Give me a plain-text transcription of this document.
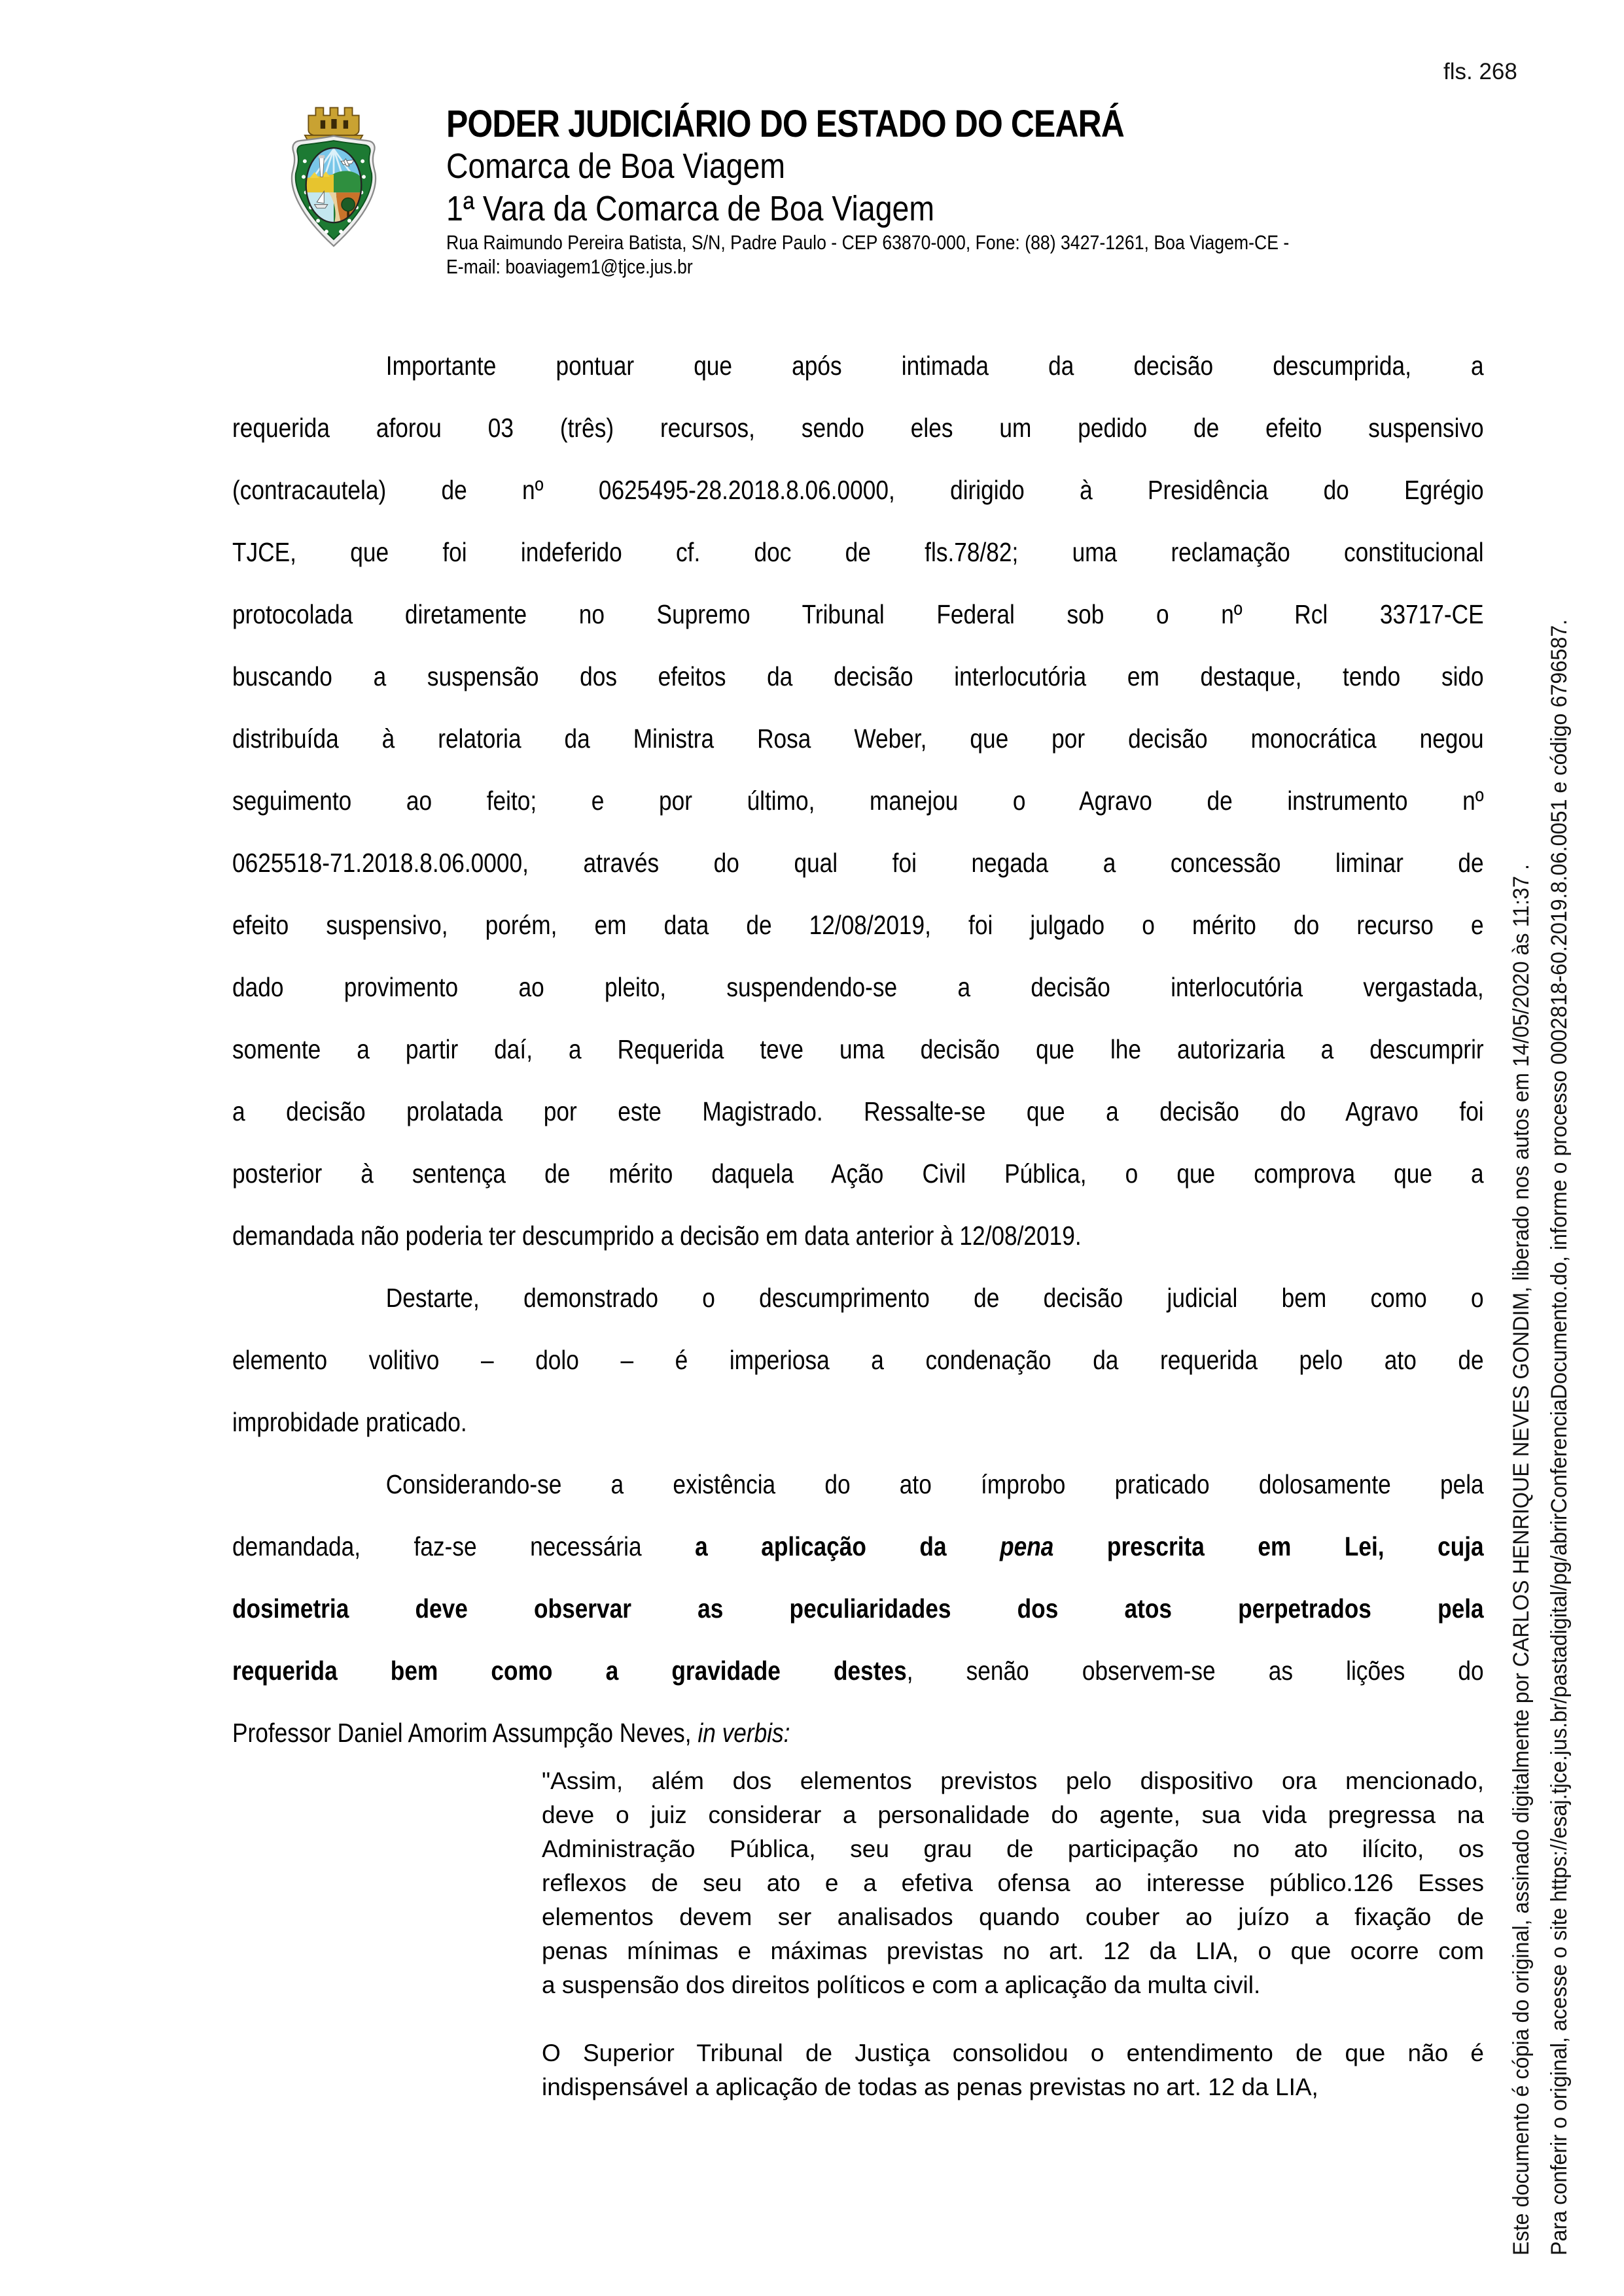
fls. 268
PODER JUDICIÁRIO DO ESTADO DO CEARÁ
Comarca de Boa Viagem
1ª Vara da Comarca de Boa Viagem
Rua Raimundo Pereira Batista, S/N, Padre Paulo - CEP 63870-000, Fone: (88) 3427-1261, Boa Viagem-CE -
E-mail: boaviagem1@tjce.jus.br
Importante pontuar que após intimada da decisão descumprida, a
requerida aforou 03 (três) recursos, sendo eles um pedido de efeito suspensivo
(contracautela) de nº 0625495-28.2018.8.06.0000, dirigido à Presidência do Egrégio
TJCE, que foi indeferido cf. doc de fls.78/82; uma reclamação constitucional
protocolada diretamente no Supremo Tribunal Federal sob o nº Rcl 33717-CE
buscando a suspensão dos efeitos da decisão interlocutória em destaque, tendo sido
distribuída à relatoria da Ministra Rosa Weber, que por decisão monocrática negou
seguimento ao feito; e por último, manejou o Agravo de instrumento nº
0625518-71.2018.8.06.0000, através do qual foi negada a concessão liminar de
efeito suspensivo, porém, em data de 12/08/2019, foi julgado o mérito do recurso e
dado provimento ao pleito, suspendendo-se a decisão interlocutória vergastada,
somente a partir daí, a Requerida teve uma decisão que lhe autorizaria a descumprir
a decisão prolatada por este Magistrado. Ressalte-se que a decisão do Agravo foi
posterior à sentença de mérito daquela Ação Civil Pública, o que comprova que a
demandada não poderia ter descumprido a decisão em data anterior à 12/08/2019.
Destarte, demonstrado o descumprimento de decisão judicial bem como o
elemento volitivo – dolo – é imperiosa a condenação da requerida pelo ato de
improbidade praticado.
Considerando-se a existência do ato ímprobo praticado dolosamente pela
demandada, faz-se necessária a aplicação da pena prescrita em Lei, cuja
dosimetria deve observar as peculiaridades dos atos perpetrados pela
requerida bem como a gravidade destes, senão observem-se as lições do
Professor Daniel Amorim Assumpção Neves, in verbis:
"Assim, além dos elementos previstos pelo dispositivo ora mencionado,
deve o juiz considerar a personalidade do agente, sua vida pregressa na
Administração Pública, seu grau de participação no ato ilícito, os
reflexos de seu ato e a efetiva ofensa ao interesse público.126 Esses
elementos devem ser analisados quando couber ao juízo a fixação de
penas mínimas e máximas previstas no art. 12 da LIA, o que ocorre com
a suspensão dos direitos políticos e com a aplicação da multa civil.
O Superior Tribunal de Justiça consolidou o entendimento de que não é
indispensável a aplicação de todas as penas previstas no art. 12 da LIA,	Este documento é cópia do original, assinado digitalmente por CARLOS HENRIQUE NEVES GONDIM, liberado nos autos em 14/05/2020 às 11:37 . Para conferir o original, acesse o site https://esaj.tjce.jus.br/pastadigital/pg/abrirConferenciaDocumento.do, informe o processo 0002818-60.2019.8.06.0051 e código 6796587.
